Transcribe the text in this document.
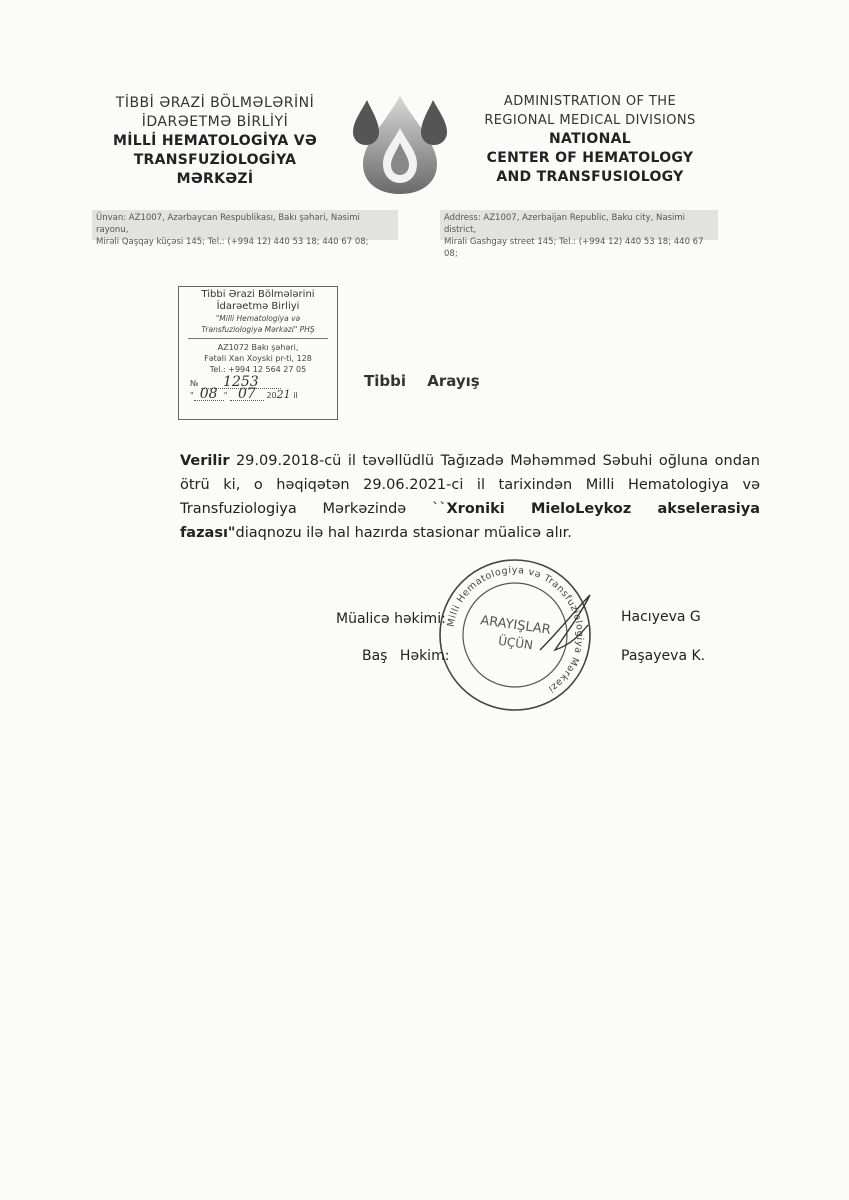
TİBBİ ƏRAZİ BÖLMƏLƏRİNİ
İDARƏETMƏ BİRLİYİ
MİLLİ HEMATOLOGİYA VƏ
TRANSFUZİOLOGİYA
MƏRKƏZİ
ADMINISTRATION OF THE
REGIONAL MEDICAL DIVISIONS
NATIONAL
CENTER OF HEMATOLOGY
AND TRANSFUSIOLOGY
Ünvan: AZ1007, Azərbaycan Respublikası, Bakı şəhəri, Nəsimi rayonu,
Mirəli Qaşqay küçəsi 145; Tel.: (+994 12) 440 53 18; 440 67 08;
Address: AZ1007, Azerbaijan Republic, Baku city, Nasimi district,
Mirali Gashgay street 145; Tel.: (+994 12) 440 53 18; 440 67 08;
Tibbi Ərazi Bölmələrini
İdarəetmə Birliyi
"Milli Hematologiya və
Transfuziologiya Mərkəzi" PHŞ
AZ1072 Bakı şəhəri,
Fətəli Xan Xoyski pr-ti, 128
Tel.: +994 12 564 27 05
№ 1253
" 08 " 07 2021 il
Tibbi Arayış
Verilir 29.09.2018-cü il təvəllüdlü Tağızadə Məhəmməd Səbuhi oğluna ondan ötrü ki, o həqiqətən 29.06.2021-ci il tarixindən Milli Hematologiya və Transfuziologiya Mərkəzində ``Xroniki MieloLeykoz akselerasiya fazası"diaqnozu ilə hal hazırda stasionar müalicə alır.
Milli Hematologiya və Transfuziologiya Mərkəzi
ARAYIŞLAR
ÜÇÜN
Müalicə həkimi:	Hacıyeva G
Baş Həkim:	Paşayeva K.
